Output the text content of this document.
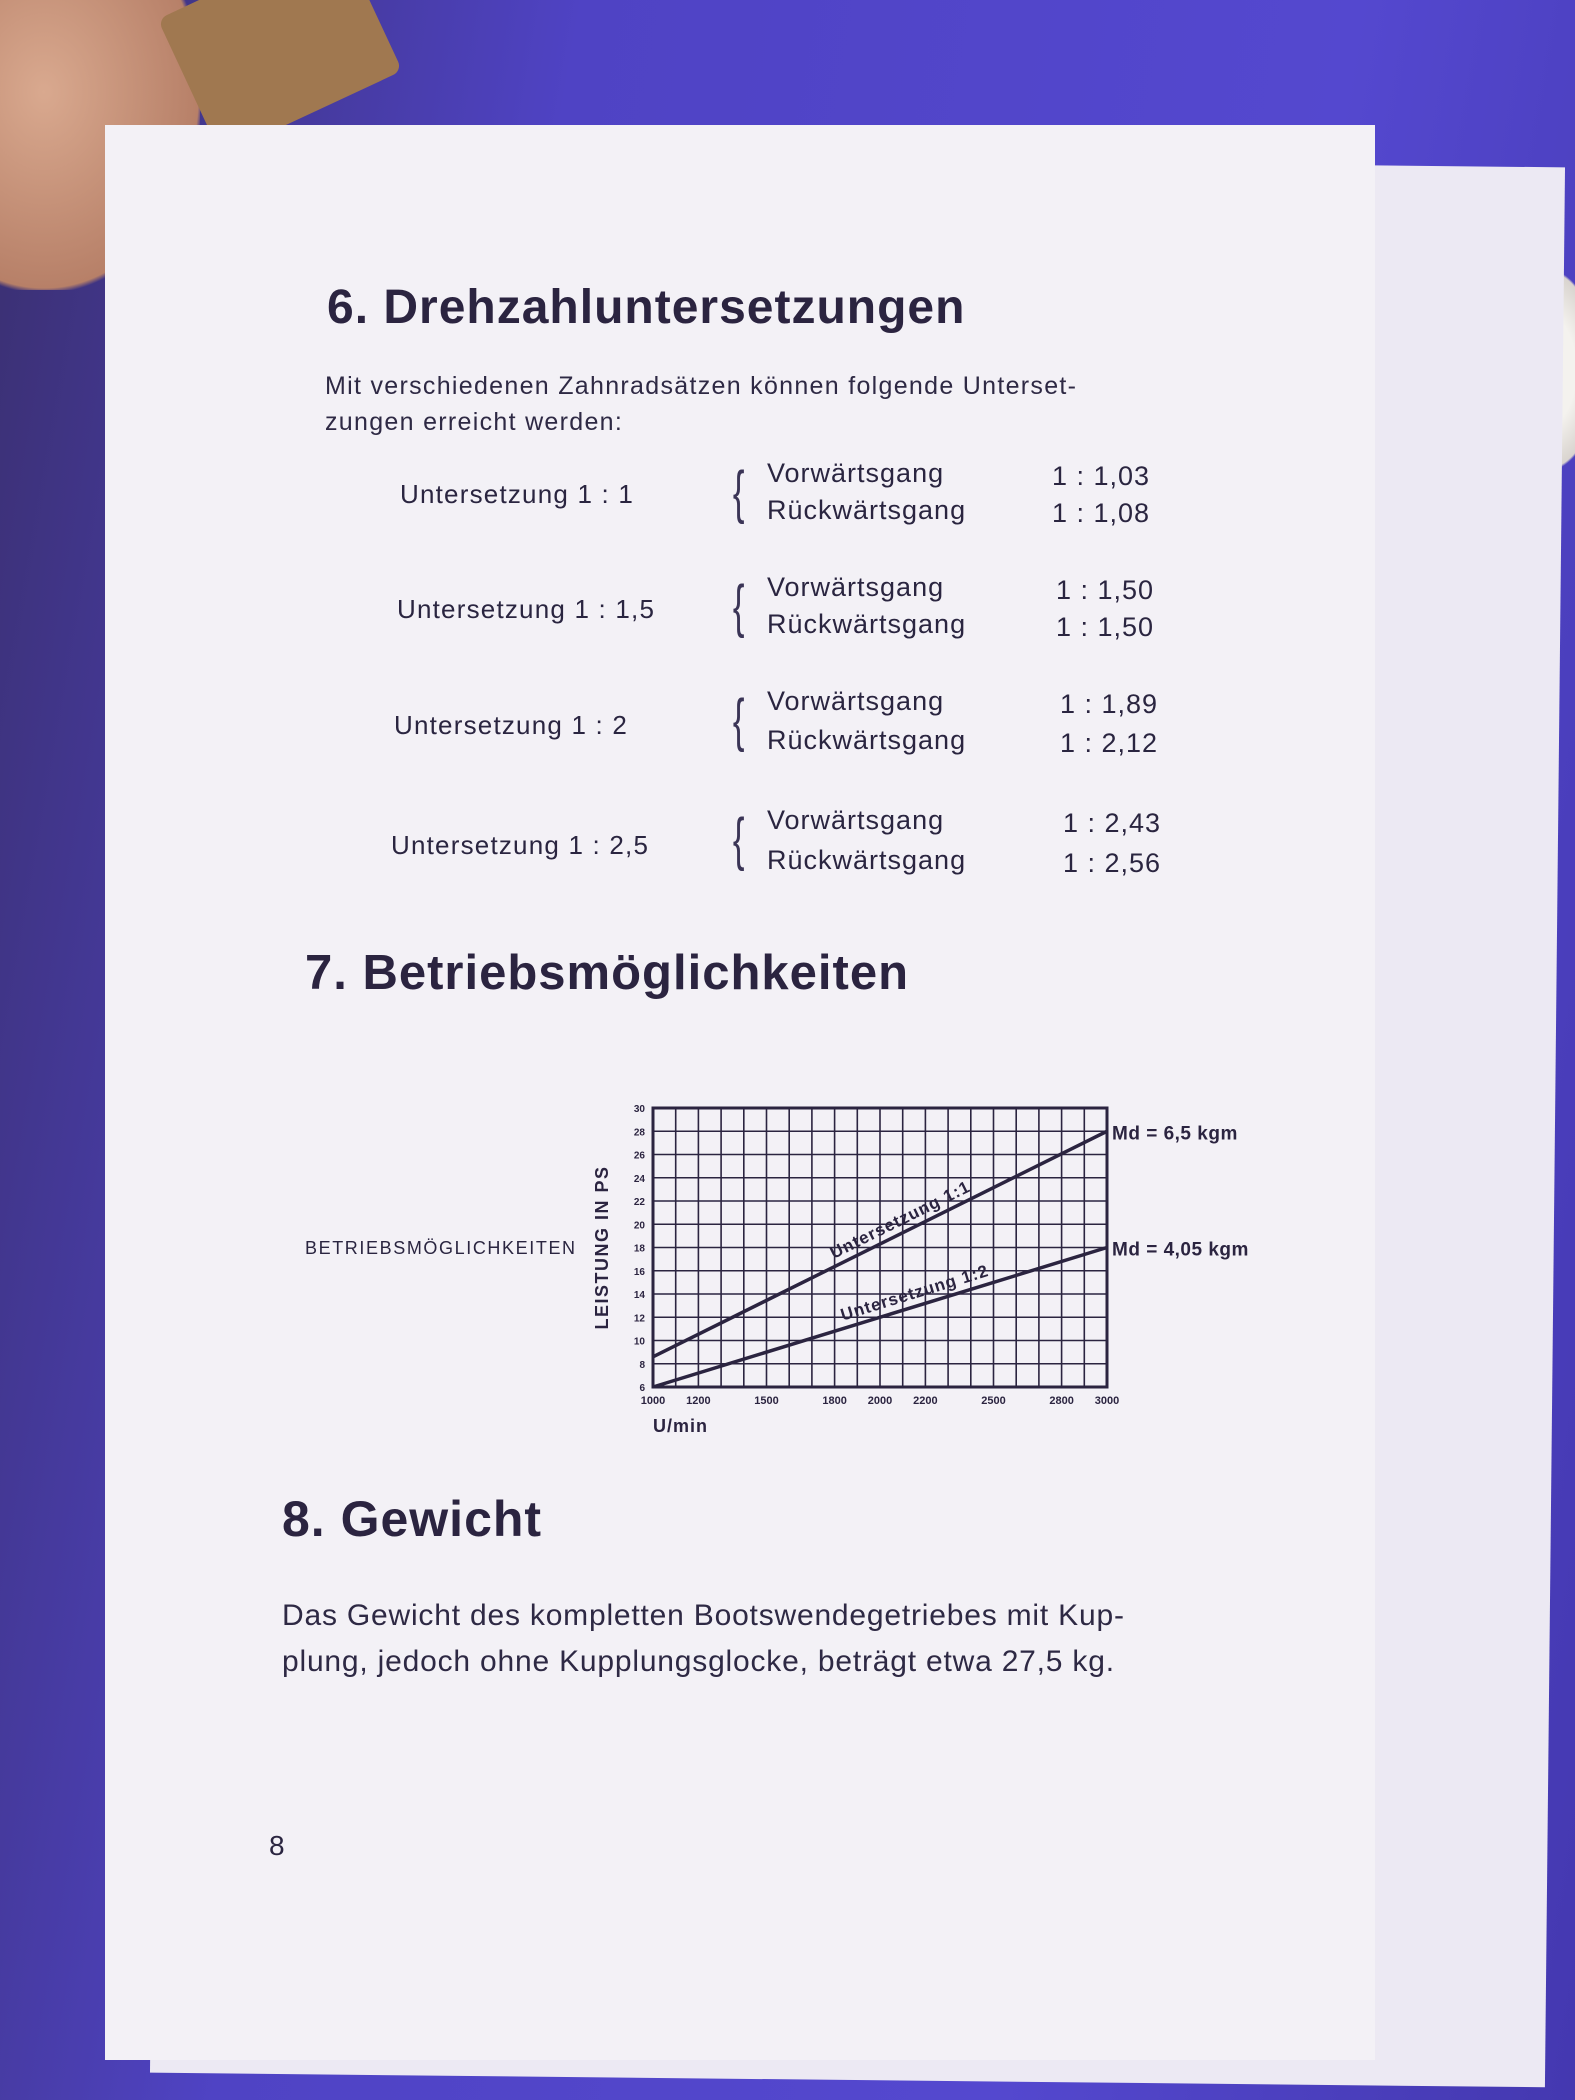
6. Drehzahluntersetzungen
Mit verschiedenen Zahnradsätzen können folgende Unterset-
zungen erreicht werden:
Untersetzung 1 : 1 { Vorwärtsgang	1 : 1,03
Rückwärtsgang	1 : 1,08
Untersetzung 1 : 1,5 { Vorwärtsgang	1 : 1,50
Rückwärtsgang	1 : 1,50
Untersetzung 1 : 2 { Vorwärtsgang	1 : 1,89
Rückwärtsgang	1 : 2,12
Untersetzung 1 : 2,5 { Vorwärtsgang	1 : 2,43
Rückwärtsgang	1 : 2,56
7. Betriebsmöglichkeiten
BETRIEBSMÖGLICHKEITEN
6
8
10
12
14
16
18
20
22
24
26
28
30
1000 1200	1500	1800 2000 2200	2500	2800 3000
U/min
LEISTUNG IN PS	Untersetzung 1:1
Md = 6,5 kgm
Untersetzung 1:2
Md = 4,05 kgm
8. Gewicht
Das Gewicht des kompletten Bootswendegetriebes mit Kup-
plung, jedoch ohne Kupplungsglocke, beträgt etwa 27,5 kg.
8
